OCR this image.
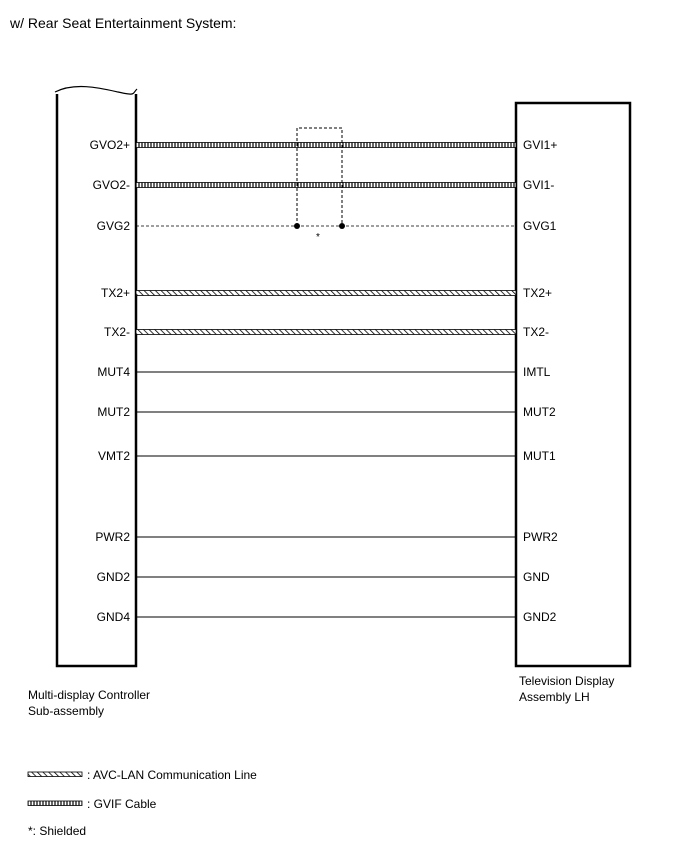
w/ Rear Seat Entertainment System:
GVO2+	GVI1+
GVO2-	GVI1-
GVG2	GVG1
TX2+	TX2+
TX2-	TX2-
MUT4	IMTL
MUT2	MUT2
VMT2	MUT1
PWR2	PWR2
GND2	GND
GND4	GND2
*
Multi-display Controller
Sub-assembly
Television Display
Assembly LH
: AVC-LAN Communication Line
: GVIF Cable
*: Shielded
